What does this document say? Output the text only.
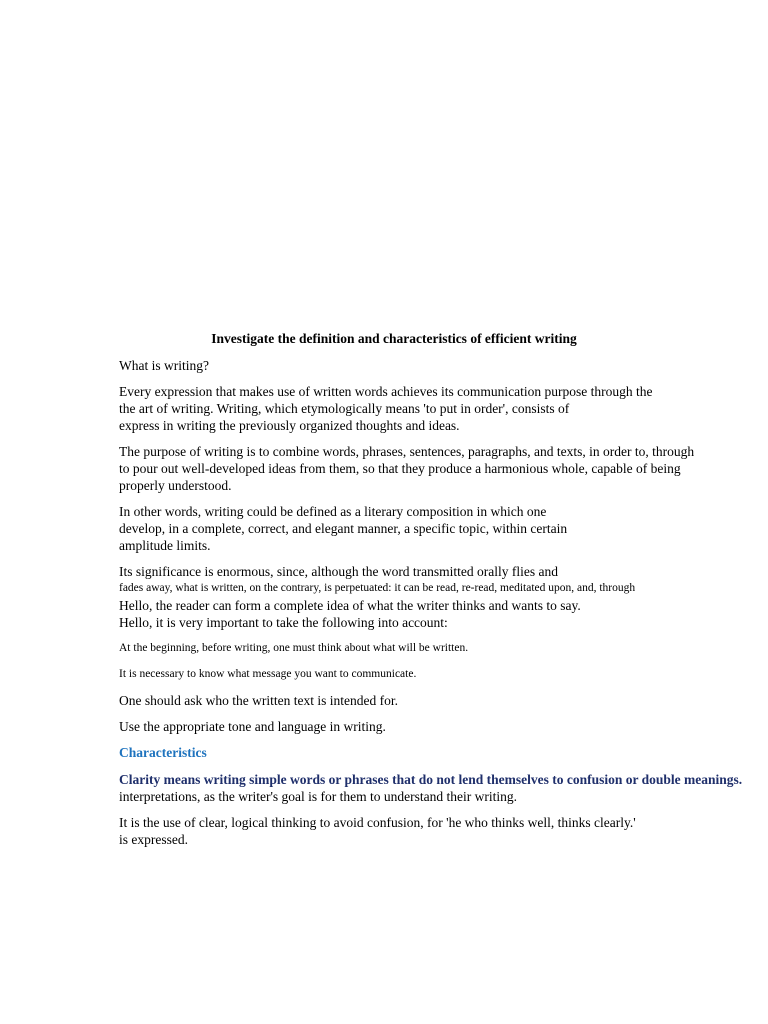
Investigate the definition and characteristics of efficient writing
What is writing?
Every expression that makes use of written words achieves its communication purpose through the
the art of writing. Writing, which etymologically means 'to put in order', consists of
express in writing the previously organized thoughts and ideas.
The purpose of writing is to combine words, phrases, sentences, paragraphs, and texts, in order to, through
to pour out well-developed ideas from them, so that they produce a harmonious whole, capable of being
properly understood.
In other words, writing could be defined as a literary composition in which one
develop, in a complete, correct, and elegant manner, a specific topic, within certain
amplitude limits.
Its significance is enormous, since, although the word transmitted orally flies and
fades away, what is written, on the contrary, is perpetuated: it can be read, re-read, meditated upon, and, through
Hello, the reader can form a complete idea of what the writer thinks and wants to say.
Hello, it is very important to take the following into account:
At the beginning, before writing, one must think about what will be written.
It is necessary to know what message you want to communicate.
One should ask who the written text is intended for.
Use the appropriate tone and language in writing.
Characteristics
Clarity means writing simple words or phrases that do not lend themselves to confusion or double meanings.
interpretations, as the writer's goal is for them to understand their writing.
It is the use of clear, logical thinking to avoid confusion, for 'he who thinks well, thinks clearly.'
is expressed.
